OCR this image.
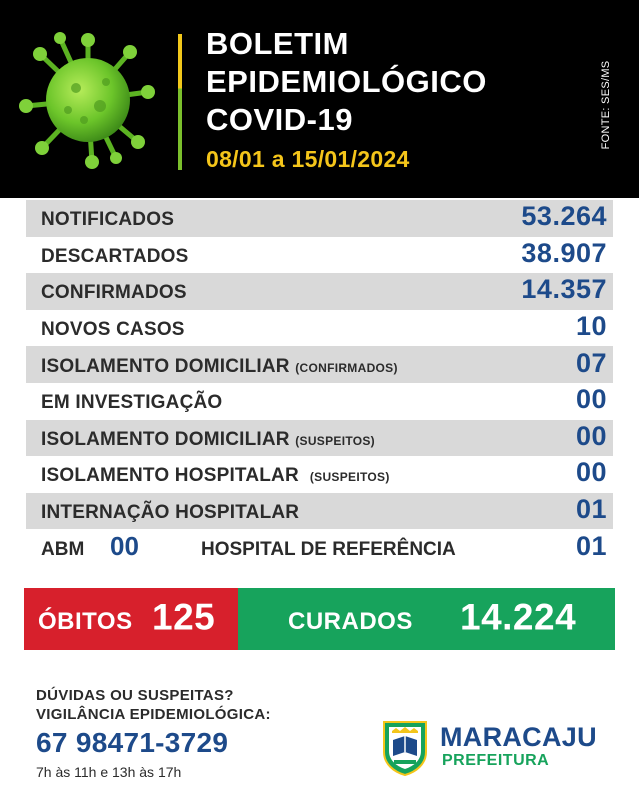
BOLETIM
EPIDEMIOLÓGICO
COVID-19
08/01 a 15/01/2024
FONTE: SES/MS
NOTIFICADOS	53.264
DESCARTADOS	38.907
CONFIRMADOS	14.357
NOVOS CASOS	10
ISOLAMENTO DOMICILIAR (CONFIRMADOS)	07
EM INVESTIGAÇÃO	00
ISOLAMENTO DOMICILIAR (SUSPEITOS)	00
ISOLAMENTO HOSPITALAR (SUSPEITOS)	00
INTERNAÇÃO HOSPITALAR	01
ABM 00	HOSPITAL DE REFERÊNCIA	01
ÓBITOS 125	CURADOS 14.224
DÚVIDAS OU SUSPEITAS?
VIGILÂNCIA EPIDEMIOLÓGICA:
67 98471-3729
7h às 11h e 13h às 17h
MARACAJU
PREFEITURA
